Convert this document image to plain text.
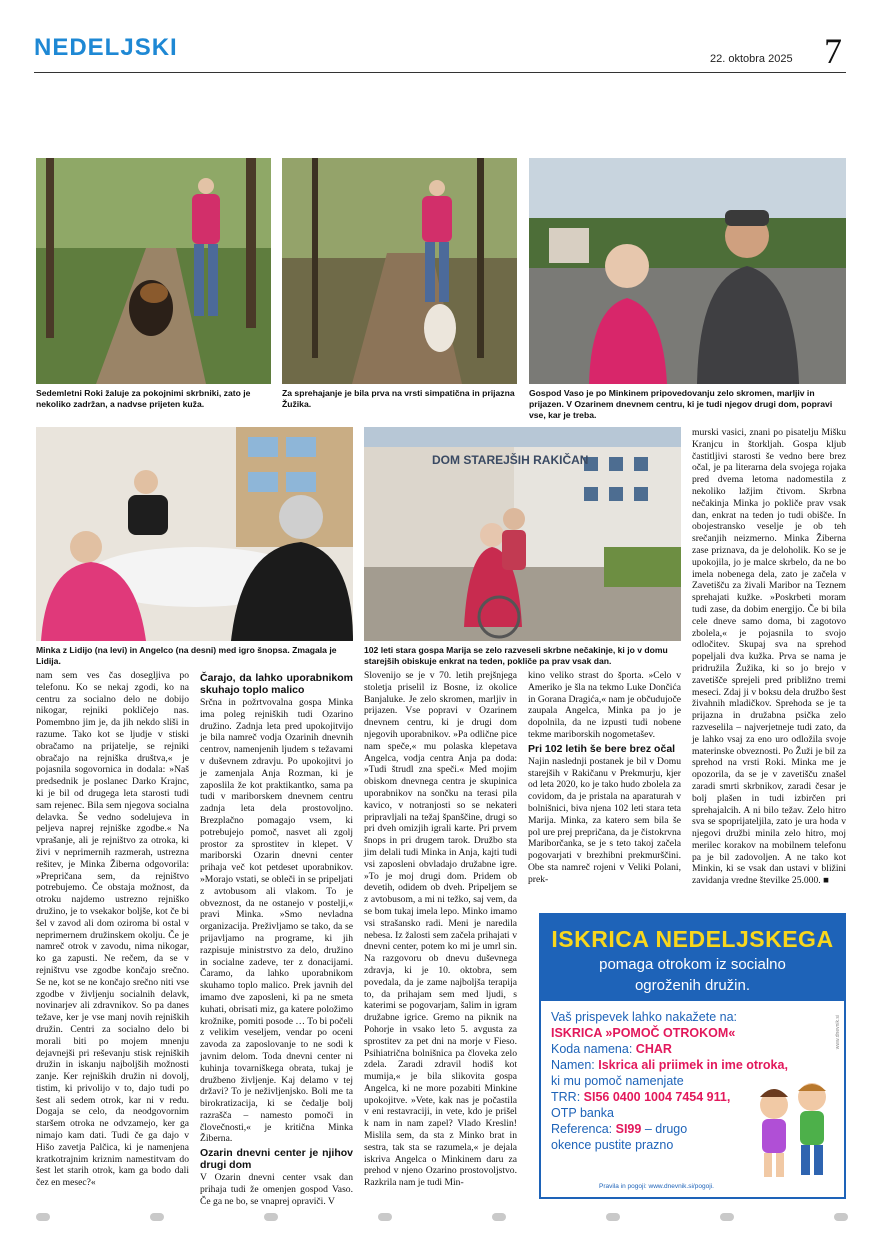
NEDELJSKI	22. oktobra 2025 7
Sedemletni Roki žaluje za pokojnimi skrbniki, zato je nekoliko zadržan, a nadvse prijeten kuža.
Za sprehajanje je bila prva na vrsti simpatična in prijazna Žužika.
Gospod Vaso je po Minkinem pripovedovanju zelo skromen, marljiv in prijazen. V Ozarinem dnevnem centru, ki je tudi njegov drugi dom, popravi vse, kar je treba.
Minka z Lidijo (na levi) in Angelco (na desni) med igro šnopsa. Zmagala je Lidija.
DOM STAREJŠIH RAKIČAN
102 leti stara gospa Marija se zelo razveseli skrbne nečakinje, ki jo v domu starejših obiskuje enkrat na teden, pokliče pa prav vsak dan.

nam sem ves čas dosegljiva po telefonu. Ko se nekaj zgodi, ko na centru za socialno delo ne dobijo nikogar, rejniki pokličejo nas. Pomembno jim je, da jih nekdo sliši in razume. Tako kot se ljudje v stiski obračamo na prijatelje, se rejniki obračajo na rejniška društva,« je pojasnila sogovornica in dodala: »Naš predsednik je poslanec Darko Krajnc, ki je bil od drugega leta starosti tudi sam rejenec. Bila sem njegova socialna delavka. Še vedno sodelujeva in peljeva naprej rejniške zgodbe.« Na vprašanje, ali je rejništvo za otroka, ki živi v neprimernih razmerah, ustrezna rešitev, je Minka Žiberna odgovorila: »Prepričana sem, da rejništvo potrebujemo. Če obstaja možnost, da otroku najdemo ustrezno rejniško družino, je to vsekakor boljše, kot če bi šel v zavod ali dom oziroma bi ostal v neprimernem družinskem okolju. Če je namreč otrok v zavodu, nima nikogar, ko ga zapusti. Ne rečem, da se v rejništvu vse zgodbe končajo srečno. Se ne, kot se ne končajo srečno niti vse zgodbe v življenju socialnih delavk, novinarjev ali zdravnikov. So pa danes težave, ker je vse manj novih rejniških družin. Centri za socialno delo bi morali biti po mojem mnenju dejavnejši pri reševanju stisk rejniških družin in iskanju najboljših možnosti zanje. Ker rejniških družin ni dovolj, tistim, ki privolijo v to, dajo tudi po šest ali sedem otrok, kar ni v redu. Dogaja se celo, da neodgovornim staršem otroka ne odvzamejo, ker ga nimajo kam dati. Tudi če ga dajo v Hišo zavetja Palčica, ki je namenjena kratkotrajnim kriznim namestitvam do šest let starih otrok, kam ga bodo dali čez en mesec?«

Čarajo, da lahko uporabnikom skuhajo toplo malico

Srčna in požrtvovalna gospa Minka ima poleg rejniških tudi Ozarino družino. Zadnja leta pred upokojitvijo je bila namreč vodja Ozarinih dnevnih centrov, namenjenih ljudem s težavami v duševnem zdravju. Po upokojitvi jo je zamenjala Anja Rozman, ki je zaposlila že kot praktikantko, sama pa tudi v mariborskem dnevnem centru zadnja leta dela prostovoljno. Brezplačno pomagajo vsem, ki potrebujejo pomoč, nasvet ali zgolj prostor za sprostitev in klepet. V mariborski Ozarin dnevni center prihaja več kot petdeset uporabnikov. »Morajo vstati, se obleči in se pripeljati z avtobusom ali vlakom. To je obveznost, da ne ostanejo v postelji,« pravi Minka. »Smo nevladna organizacija. Preživljamo se tako, da se prijavljamo na programe, ki jih razpisuje ministrstvo za delo, družino in socialne zadeve, ter z donacijami. Čaramo, da lahko uporabnikom skuhamo toplo malico. Prek javnih del imamo dve zaposleni, ki pa ne smeta kuhati, obrisati miz, ga katere položimo krožnike, pomiti posode … To bi počeli z velikim veseljem, vendar po oceni zavoda za zaposlovanje to ne sodi k javnim delom. Toda dnevni center ni kuhinja tovarniškega obrata, tukaj je družbeno življenje. Kaj delamo v tej državi? To je neživljenjsko. Boli me ta birokratizacija, ki se čedalje bolj razrašča – namesto pomoči in človečnosti,« je kritična Minka Žiberna.

Ozarin dnevni center je njihov drugi dom

V Ozarin dnevni center vsak dan prihaja tudi že omenjen gospod Vaso. Če ga ne bo, se vnaprej opraviči. V

Slovenijo se je v 70. letih prejšnjega stoletja priselil iz Bosne, iz okolice Banjaluke. Je zelo skromen, marljiv in prijazen. Vse popravi v Ozarinem dnevnem centru, ki je drugi dom njegovih uporabnikov. »Pa odlične pice nam speče,« mu polaska klepetava Angelca, vodja centra Anja pa doda: »Tudi štrudl zna speči.« Med mojim obiskom dnevnega centra je skupinica uporabnikov na sončku na terasi pila kavico, v notranjosti so se nekateri pripravljali na težaj španščine, drugi so pri dveh omizjih igrali karte. Pri prvem šnops in pri drugem tarok. Družbo sta jim delali tudi Minka in Anja, kajti tudi vsi zaposleni obvladajo družabne igre. »To je moj drugi dom. Pridem ob devetih, odidem ob dveh. Pripeljem se z avtobusom, a mi ni težko, saj vem, da se bom tukaj imela lepo. Minko imamo vsi strašansko radi. Meni je naredila nebesa. Iz žalosti sem začela prihajati v dnevni center, potem ko mi je umrl sin. Na razgovoru ob dnevu duševnega zdravja, ki je 10. oktobra, sem povedala, da je zame najboljša terapija to, da prihajam sem med ljudi, s katerimi se pogovarjam, šalim in igram družabne igrice. Gremo na piknik na Pohorje in vsako leto 5. avgusta za sprostitev za pet dni na morje v Fieso. Psihiatrična bolnišnica pa človeka zelo zdela. Zaradi zdravil hodiš kot mumija,« je bila slikovita gospa Angelca, ki ne more pozabiti Minkine upokojitve. »Vete, kak nas je počastila v eni restavraciji, in vete, kdo je prišel k nam in nam zapel? Vlado Kreslin! Mislila sem, da sta z Minko brat in sestra, tak sta se razumela,« je dejala iskriva Angelca o Minkinem daru za prehod v njeno Ozarino prostovoljstvo. Razkrila nam je tudi Min-

kino veliko strast do športa. »Celo v Ameriko je šla na tekmo Luke Dončića in Gorana Dragića,« nam je občudujoče zaupala Angelca, Minka pa jo je dopolnila, da ne izpusti tudi nobene tekme mariborskih nogometašev.

Pri 102 letih še bere brez očal

Najin naslednji postanek je bil v Domu starejših v Rakičanu v Prekmurju, kjer od leta 2020, ko je tako hudo zbolela za covidom, da je pristala na aparaturah v bolnišnici, biva njena 102 leti stara teta Marija. Minka, za katero sem bila še pol ure prej prepričana, da je čistokrvna Mariborčanka, se je s teto takoj začela pogovarjati v brezhibni prekmurščini. Obe sta namreč rojeni v Veliki Polani, prek-

murski vasici, znani po pisatelju Mišku Kranjcu in štorkljah. Gospa kljub častitljivi starosti še vedno bere brez očal, je pa literarna dela svojega rojaka pred dvema letoma nadomestila z nekoliko lažjim čtivom. Skrbna nečakinja Minka jo pokliče prav vsak dan, enkrat na teden jo tudi obišče. In obojestransko veselje je ob teh srečanjih neizmerno. Minka Žiberna zase priznava, da je deloholik. Ko se je upokojila, jo je malce skrbelo, da ne bo imela nobenega dela, zato je začela v Zavetišču za živali Maribor na Teznem sprehajati kužke. »Poskrbeti moram tudi zase, da dobim energijo. Če bi bila cele dneve samo doma, bi zagotovo zbolela,« je pojasnila to svojo odločitev. Skupaj sva na sprehod popeljali dva kužka. Prva se nama je pridružila Žužika, ki so jo brejo v zavetišče sprejeli pred približno tremi meseci. Zdaj ji v boksu dela družbo šest živahnih mladičkov. Sprehoda se je ta prijazna in družabna psička zelo razveselila – najverjetneje tudi zato, da je lahko vsaj za eno uro odložila svoje materinske obveznosti. Po Žuži je bil za sprehod na vrsti Roki. Minka me je opozorila, da se je v zavetišču znašel zaradi smrti skrbnikov, zaradi česar je bolj plašen in tudi izbirčen pri sprehajalcih. A ni bilo težav. Zelo hitro sva se spoprijateljila, zato je ura hoda v njegovi družbi minila zelo hitro, moj merilec korakov na mobilnem telefonu pa je bil zadovoljen. A ne tako kot Minkin, ki se vsak dan ustavi v bližini zavidanja vredne številke 25.000. ■

ISKRICA NEDELJSKEGA
pomaga otrokom iz socialno
ogroženih družin.
Vaš prispevek lahko nakažete na:
ISKRICA »POMOČ OTROKOM«
Koda namena: CHAR
Namen: Iskrica ali priimek in ime otroka,
ki mu pomoč namenjate
TRR: SI56 0400 1004 7454 911,
OTP banka
Referenca: SI99 – drugo
okence pustite prazno
www.dnevnik.si
Pravila in pogoji: www.dnevnik.si/pogoji.
